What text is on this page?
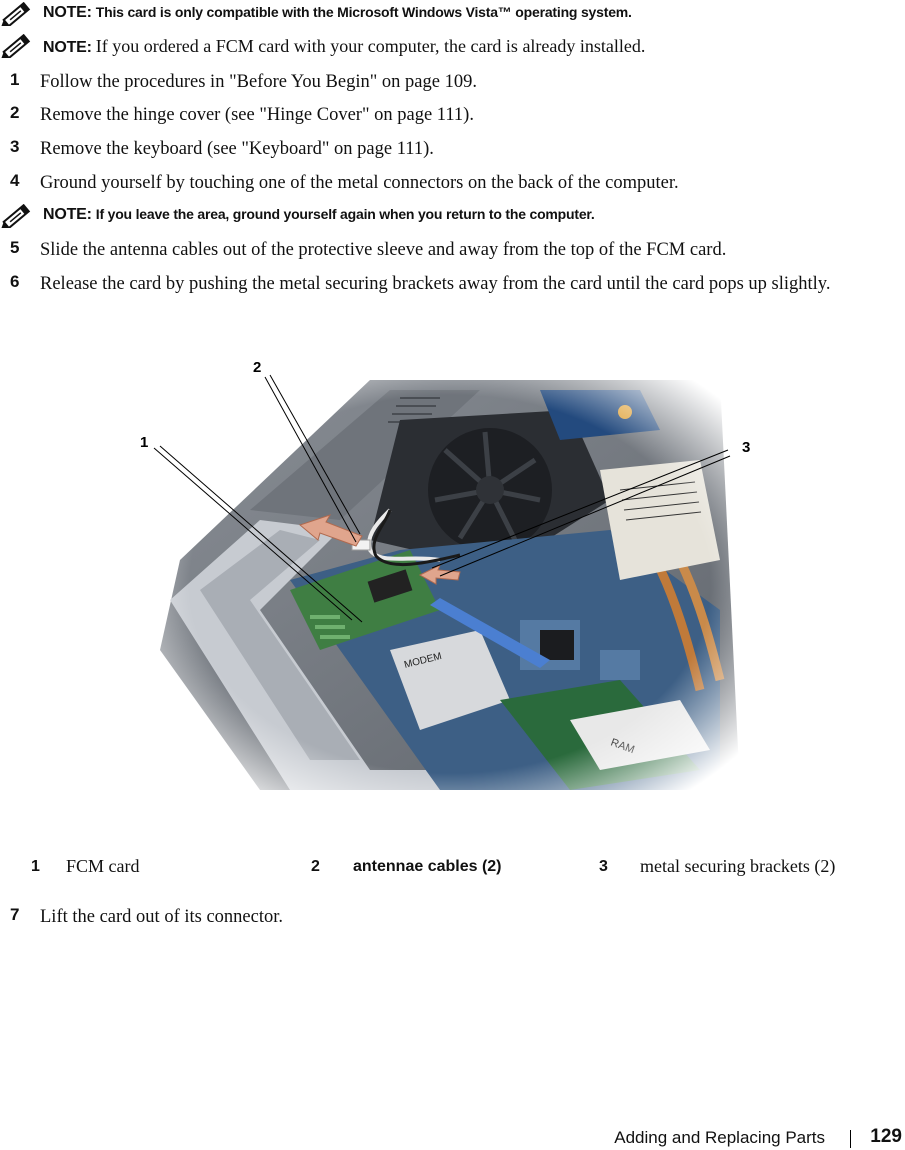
NOTE: This card is only compatible with the Microsoft Windows Vista™ operating system.
NOTE: If you ordered a FCM card with your computer, the card is already installed.
1	Follow the procedures in "Before You Begin" on page 109.
2	Remove the hinge cover (see "Hinge Cover" on page 111).
3	Remove the keyboard (see "Keyboard" on page 111).
4	Ground yourself by touching one of the metal connectors on the back of the computer.
NOTE: If you leave the area, ground yourself again when you return to the computer.
5	Slide the antenna cables out of the protective sleeve and away from the top of the FCM card.
6	Release the card by pushing the metal securing brackets away from the card until the card pops up slightly.
1
2
3
1 FCM card	2 antennae cables (2)	3 metal securing brackets (2)
7	Lift the card out of its connector.
Adding and Replacing Parts 129
